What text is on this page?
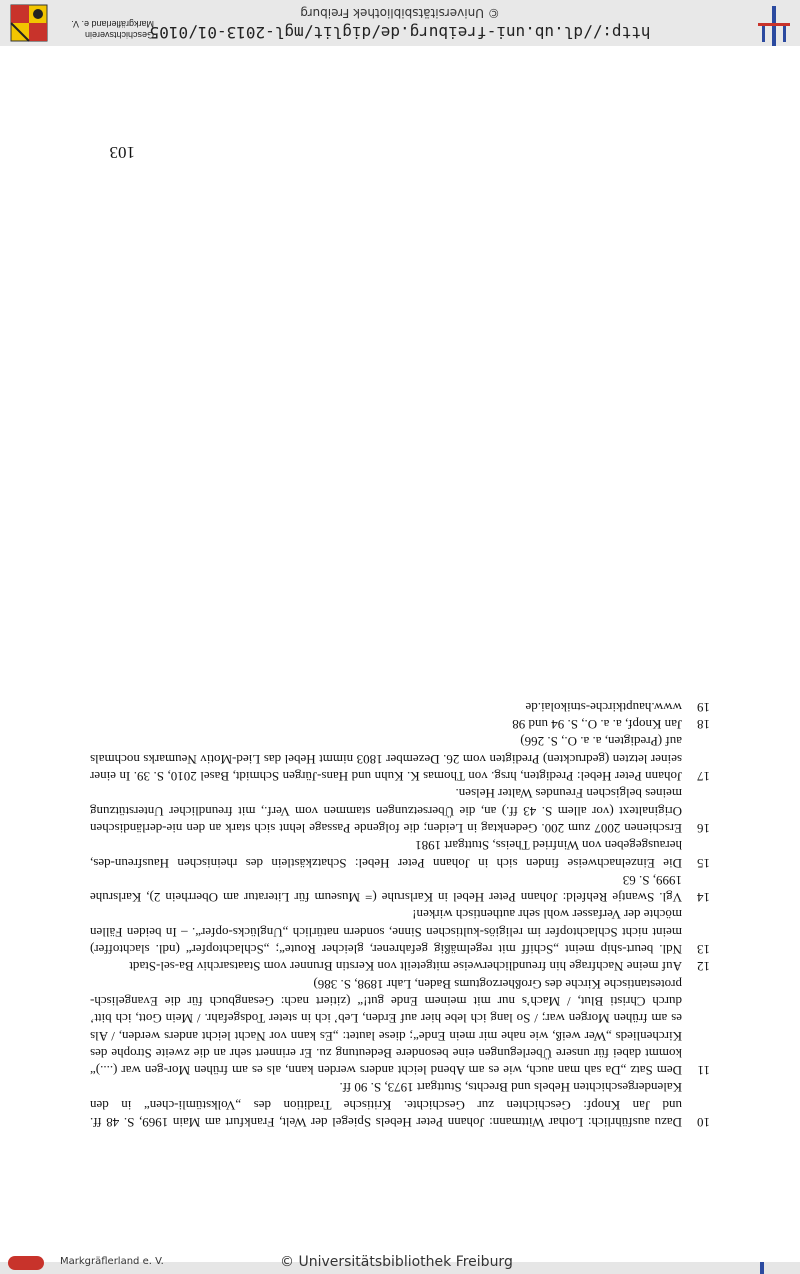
Markgräflerland e. V.	© Universitätsbibliothek Freiburg
10
Dazu ausführlich: Lothar Wittmann: Johann Peter Hebels Spiegel der Welt, Frankfurt am Main 1969, S. 48 ff. und Jan Knopf: Geschichten zur Geschichte. Kritische Tradition des „Volkstümli-chen“ in den Kalendergeschichten Hebels und Brechts, Stuttgart 1973, S. 90 ff.
11
Dem Satz „Da sah man auch, wie es am Abend leicht anders werden kann, als es am frühen Mor-gen war (....)“ kommt dabei für unsere Überlegungen eine besondere Bedeutung zu. Er erinnert sehr an die zweite Strophe des Kirchenlieds „Wer weiß, wie nahe mir mein Ende“; diese lautet: „Es kann vor Nacht leicht anders werden, / Als es am frühen Morgen war; / So lang ich lebe hier auf Erden, Leb’ ich in steter Todsgefahr. / Mein Gott, ich bitt’ durch Christi Blut, / Mach’s nur mit meinem Ende gut!“ (zitiert nach: Gesangbuch für die Evangelisch-protestantische Kirche des Großherzogtums Baden, Lahr 1898, S. 386)
12
Auf meine Nachfrage hin freundlicherweise mitgeteilt von Kerstin Brunner vom Staatsarchiv Ba-sel-Stadt
13
Ndl. beurt-ship meint „Schiff mit regelmäßig gefahrener, gleicher Route“; „Schlachtopfer“ (ndl. slachtoffer) meint nicht Schlachtopfer im religiös-kultischen Sinne, sondern natürlich „Unglücks-opfer“. – In beiden Fällen möchte der Verfasser wohl sehr authentisch wirken!
14
Vgl. Swantje Rehfeld: Johann Peter Hebel in Karlsruhe (= Museum für Literatur am Oberrhein 2), Karlsruhe 1999, S. 63
15
Die Einzelnachweise finden sich in Johann Peter Hebel: Schatzkästlein des rheinischen Hausfreun-des, herausgegeben von Winfried Theiss, Stuttgart 1981
16
Erschienen 2007 zum 200. Gedenktag in Leiden; die folgende Passage lehnt sich stark an den nie-derländischen Originaltext (vor allem S. 43 ff.) an, die Übersetzungen stammen vom Verf., mit freundlicher Unterstützung meines belgischen Freundes Walter Helsen.
17
Johann Peter Hebel: Predigten, hrsg. von Thomas K. Kuhn und Hans-Jürgen Schmidt, Basel 2010, S. 39. In einer seiner letzten (gedruckten) Predigten vom 26. Dezember 1803 nimmt Hebel das Lied-Motiv Neumarks nochmals auf (Predigten, a. a. O., S. 266)
18
Jan Knopf, a. a. O., S. 94 und 98
19
www.hauptkirche-stnikolai.de
103
http://dl.ub.uni-freiburg.de/diglit/mgl-2013-01/0105
© Universitätsbibliothek Freiburg
Geschichtsverein
Markgräflerland e. V.
